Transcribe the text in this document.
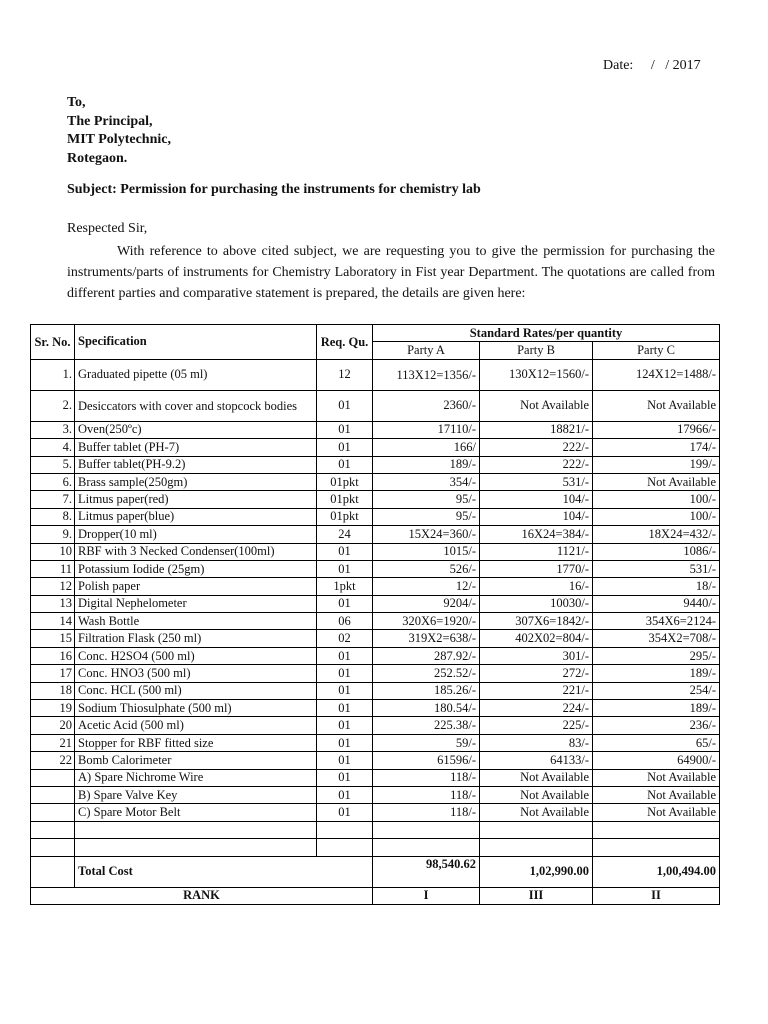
Date:     /   / 2017
To,
The Principal,
MIT Polytechnic,
Rotegaon.
Subject: Permission for purchasing the instruments for chemistry lab
Respected Sir,
With reference to above cited subject, we are requesting you to give the permission for purchasing the instruments/parts of instruments for Chemistry Laboratory in Fist year Department. The quotations are called from different parties and comparative statement is prepared, the details are given here:
Sr. No.	Specification	Req. Qu.	Standard Rates/per quantity		
			Party A	Party B	Party C
1.	Graduated pipette (05 ml)	12	113X12=1356/-	130X12=1560/-	124X12=1488/-
2.	Desiccators with cover and stopcock bodies	01	2360/-	Not Available	Not Available
3.	Oven(250ºc)	01	17110/-	18821/-	17966/-
4.	Buffer tablet (PH-7)	01	166/	222/-	174/-
5.	Buffer tablet(PH-9.2)	01	189/-	222/-	199/-
6.	Brass sample(250gm)	01pkt	354/-	531/-	Not Available
7.	Litmus paper(red)	01pkt	95/-	104/-	100/-
8.	Litmus paper(blue)	01pkt	95/-	104/-	100/-
9.	Dropper(10 ml)	24	15X24=360/-	16X24=384/-	18X24=432/-
10	RBF with 3 Necked Condenser(100ml)	01	1015/-	1121/-	1086/-
11	Potassium Iodide (25gm)	01	526/-	1770/-	531/-
12	Polish paper	1pkt	12/-	16/-	18/-
13	Digital Nephelometer	01	9204/-	10030/-	9440/-
14	Wash Bottle	06	320X6=1920/-	307X6=1842/-	354X6=2124-
15	Filtration Flask (250 ml)	02	319X2=638/-	402X02=804/-	354X2=708/-
16	Conc. H2SO4 (500 ml)	01	287.92/-	301/-	295/-
17	Conc. HNO3 (500 ml)	01	252.52/-	272/-	189/-
18	Conc. HCL (500 ml)	01	185.26/-	221/-	254/-
19	Sodium Thiosulphate (500 ml)	01	180.54/-	224/-	189/-
20	Acetic Acid (500 ml)	01	225.38/-	225/-	236/-
21	Stopper for RBF fitted size	01	59/-	83/-	65/-
22	Bomb Calorimeter	01	61596/-	64133/-	64900/-
	A) Spare Nichrome Wire	01	118/-	Not Available	Not Available
	B) Spare Valve Key	01	118/-	Not Available	Not Available
	C) Spare Motor Belt	01	118/-	Not Available	Not Available

	Total Cost		98,540.62	1,02,990.00	1,00,494.00
RANK			I	III	II
